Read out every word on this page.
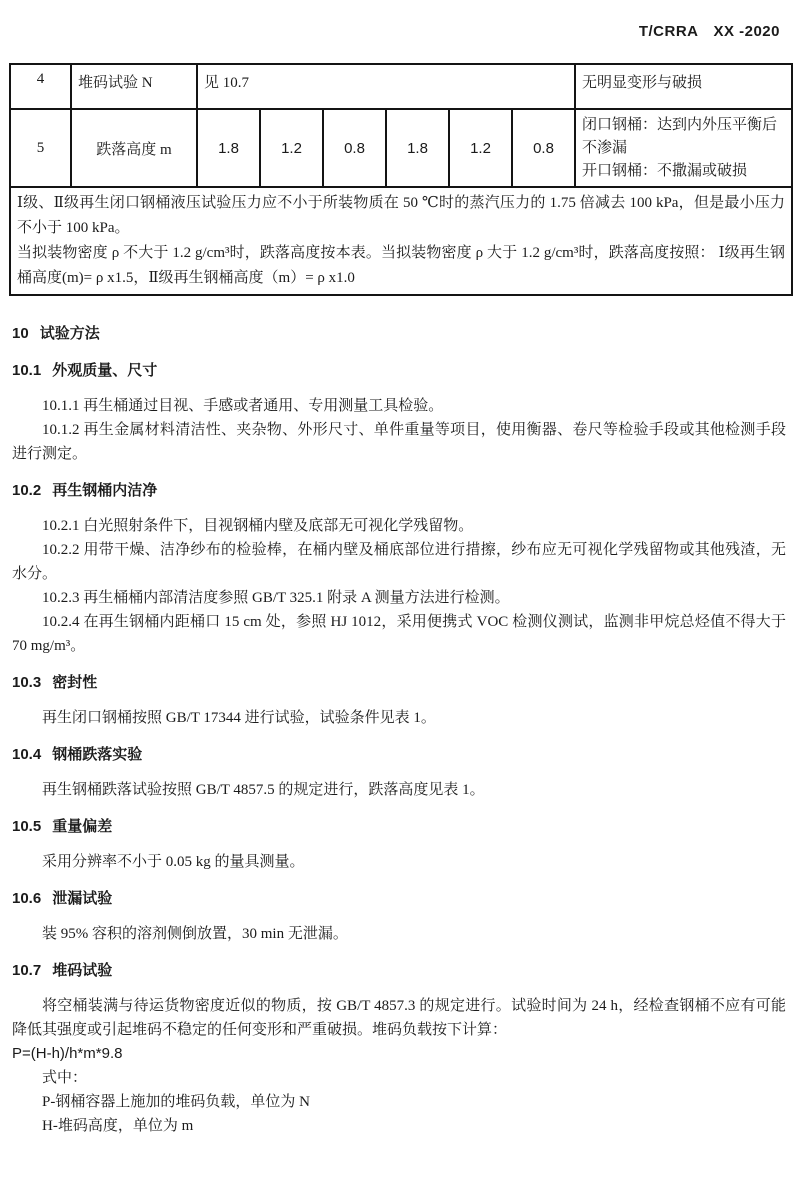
T/CRRA　XX -2020
4	堆码试验 N	见 10.7						无明显变形与破损
5	跌落高度 m	1.8	1.2	0.8	1.8	1.2	0.8	闭口钢桶：达到内外压平衡后不渗漏
开口钢桶：不撒漏或破损

Ⅰ级、Ⅱ级再生闭口钢桶液压试验压力应不小于所装物质在 50 ℃时的蒸汽压力的 1.75 倍减去 100 kPa，但是最小压力不小于 100 kPa。

当拟装物密度 ρ 不大于 1.2 g/cm³时，跌落高度按本表。当拟装物密度 ρ 大于 1.2 g/cm³时，跌落高度按照： Ⅰ级再生钢桶高度(m)= ρ x1.5，Ⅱ级再生钢桶高度（m）= ρ x1.0								

10 试验方法
10.1 外观质量、尺寸

10.1.1 再生桶通过目视、手感或者通用、专用测量工具检验。

10.1.2 再生金属材料清洁性、夹杂物、外形尺寸、单件重量等项目，使用衡器、卷尺等检验手段或其他检测手段进行测定。

10.2 再生钢桶内洁净

10.2.1 白光照射条件下，目视钢桶内壁及底部无可视化学残留物。

10.2.2 用带干燥、洁净纱布的检验棒，在桶内壁及桶底部位进行措擦，纱布应无可视化学残留物或其他残渣，无水分。

10.2.3 再生桶桶内部清洁度参照 GB/T 325.1 附录 A 测量方法进行检测。

10.2.4 在再生钢桶内距桶口 15 cm 处，参照 HJ 1012，采用便携式 VOC 检测仪测试，监测非甲烷总烃值不得大于 70 mg/m³。

10.3 密封性

再生闭口钢桶按照 GB/T 17344 进行试验，试验条件见表 1。

10.4 钢桶跌落实验

再生钢桶跌落试验按照 GB/T 4857.5 的规定进行，跌落高度见表 1。

10.5 重量偏差

采用分辨率不小于 0.05 kg 的量具测量。

10.6 泄漏试验

装 95% 容积的溶剂侧倒放置，30 min 无泄漏。

10.7 堆码试验

将空桶装满与待运货物密度近似的物质，按 GB/T 4857.3 的规定进行。试验时间为 24 h，经检查钢桶不应有可能降低其强度或引起堆码不稳定的任何变形和严重破损。堆码负载按下计算：

P=(H-h)/h*m*9.8

式中：

P-钢桶容器上施加的堆码负载，单位为 N

H-堆码高度，单位为 m
